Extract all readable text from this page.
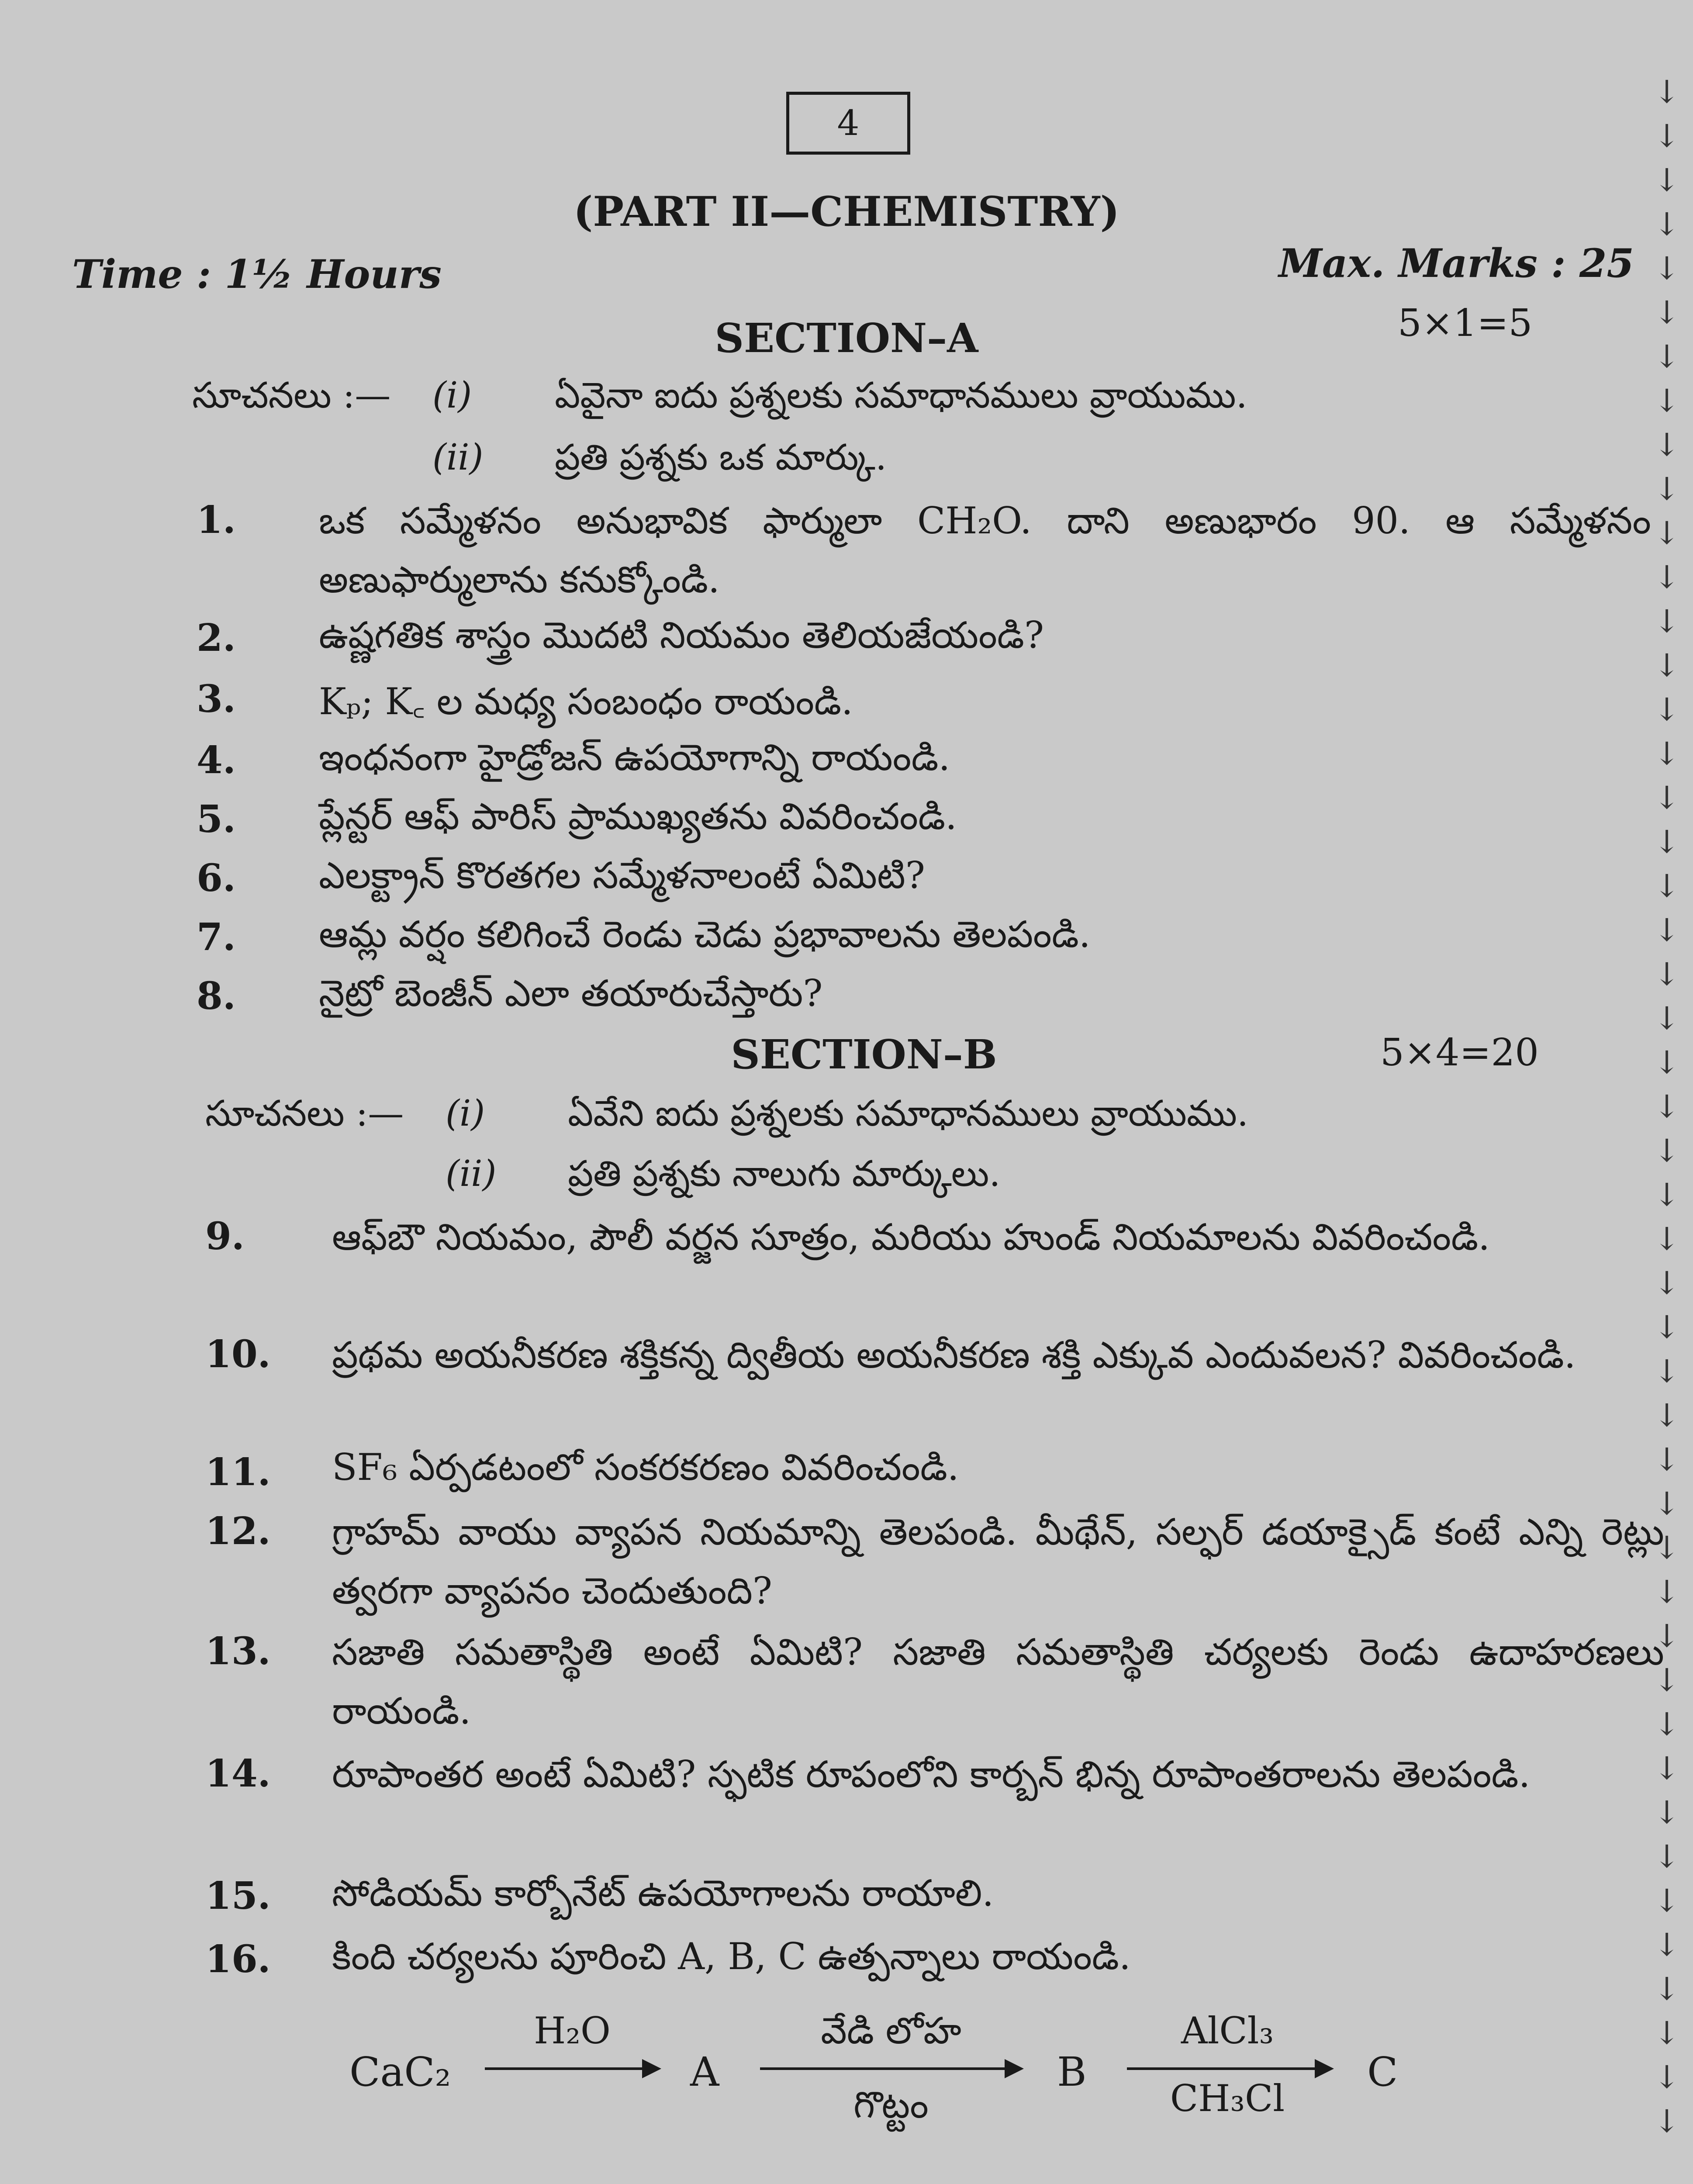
4
(PART II—CHEMISTRY)
Time : 1½ Hours	Max. Marks : 25
SECTION–A	5×1=5
సూచనలు :— (i) ఏవైనా ఐదు ప్రశ్నలకు సమాధానములు వ్రాయుము.
(ii) ప్రతి ప్రశ్నకు ఒక మార్కు.
1. ఒక సమ్మేళనం అనుభావిక ఫార్ములా CH₂O. దాని అణుభారం 90. ఆ సమ్మేళనం అణుఫార్ములాను కనుక్కోండి.
2. ఉష్ణగతిక శాస్త్రం మొదటి నియమం తెలియజేయండి?
3. Kₚ; K꜀ ల మధ్య సంబంధం రాయండి.
4. ఇంధనంగా హైడ్రోజన్ ఉపయోగాన్ని రాయండి.
5. ప్లేన్టర్ ఆఫ్ పారిస్ ప్రాముఖ్యతను వివరించండి.
6. ఎలక్ట్రాన్ కొరతగల సమ్మేళనాలంటే ఏమిటి?
7. ఆమ్ల వర్షం కలిగించే రెండు చెడు ప్రభావాలను తెలపండి.
8. నైట్రో బెంజీన్ ఎలా తయారుచేస్తారు?
SECTION–B	5×4=20
సూచనలు :— (i) ఏవేని ఐదు ప్రశ్నలకు సమాధానములు వ్రాయుము.
(ii) ప్రతి ప్రశ్నకు నాలుగు మార్కులు.
9. ఆఫ్‌బౌ నియమం, పౌలీ వర్జన సూత్రం, మరియు హుండ్ నియమాలను వివరించండి.
10. ప్రథమ అయనీకరణ శక్తికన్న ద్వితీయ అయనీకరణ శక్తి ఎక్కువ ఎందువలన? వివరించండి.
11. SF₆ ఏర్పడటంలో సంకరకరణం వివరించండి.
12. గ్రాహమ్ వాయు వ్యాపన నియమాన్ని తెలపండి. మీథేన్, సల్ఫర్ డయాక్సైడ్ కంటే ఎన్ని రెట్లు త్వరగా వ్యాపనం చెందుతుంది?
13. సజాతి సమతాస్థితి అంటే ఏమిటి? సజాతి సమతాస్థితి చర్యలకు రెండు ఉదాహరణలు రాయండి.
14. రూపాంతర అంటే ఏమిటి? స్ఫటిక రూపంలోని కార్బన్ భిన్న రూపాంతరాలను తెలపండి.
15. సోడియమ్ కార్బోనేట్ ఉపయోగాలను రాయాలి.
16. కింది చర్యలను పూరించి A, B, C ఉత్పన్నాలు రాయండి.
CaC₂
H₂O
A
వేడి లోహ
గొట్టం
B
AlCl₃
CH₃Cl
C
↓
↓
↓
↓
↓
↓
↓
↓
↓
↓
↓
↓
↓
↓
↓
↓
↓
↓
↓
↓
↓
↓
↓
↓
↓
↓
↓
↓
↓
↓
↓
↓
↓
↓
↓
↓
↓
↓
↓
↓
↓
↓
↓
↓
↓
↓
↓
